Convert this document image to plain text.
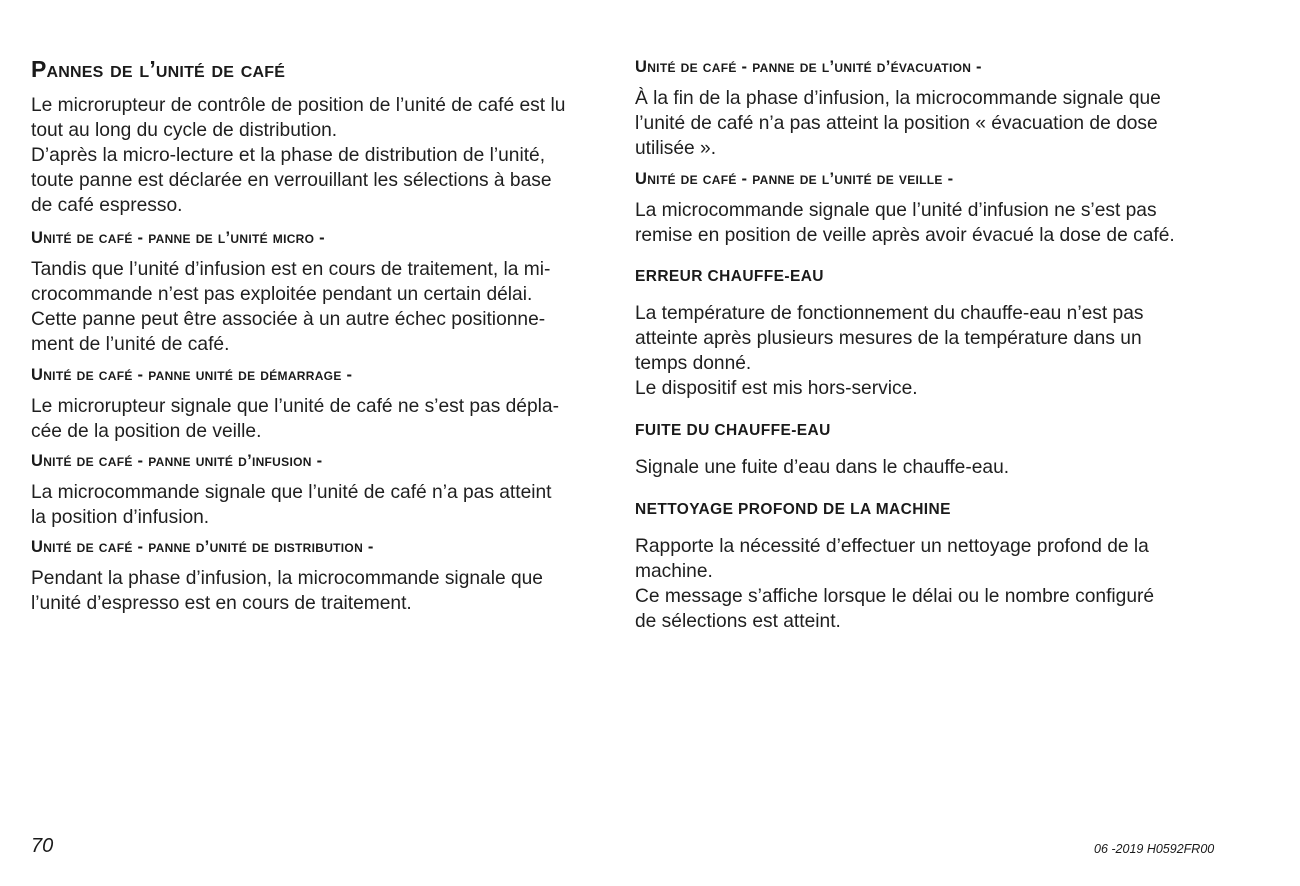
Pannes de l’unité de café

Le microrupteur de contrôle de position de l’unité de café est lu
tout au long du cycle de distribution.
D’après la micro-lecture et la phase de distribution de l’unité,
toute panne est déclarée en verrouillant les sélections à base
de café espresso.

Unité de café - panne de l’unité micro -

Tandis que l’unité d’infusion est en cours de traitement, la mi-
crocommande n’est pas exploitée pendant un certain délai.
Cette panne peut être associée à un autre échec positionne-
ment de l’unité de café.

Unité de café - panne unité de démarrage -

Le microrupteur signale que l’unité de café ne s’est pas dépla-
cée de la position de veille.

Unité de café - panne unité d’infusion -

La microcommande signale que l’unité de café n’a pas atteint
la position d’infusion.

Unité de café - panne d’unité de distribution -

Pendant la phase d’infusion, la microcommande signale que
l’unité d’espresso est en cours de traitement.

Unité de café - panne de l’unité d’évacuation -

À la fin de la phase d’infusion, la microcommande signale que
l’unité de café n’a pas atteint la position « évacuation de dose
utilisée ».

Unité de café - panne de l’unité de veille -

La microcommande signale que l’unité d’infusion ne s’est pas
remise en position de veille après avoir évacué la dose de café.

ERREUR CHAUFFE-EAU

La température de fonctionnement du chauffe-eau n’est pas
atteinte après plusieurs mesures de la température dans un
temps donné.
Le dispositif est mis hors-service.

FUITE DU CHAUFFE-EAU

Signale une fuite d’eau dans le chauffe-eau.

NETTOYAGE PROFOND DE LA MACHINE

Rapporte la nécessité d’effectuer un nettoyage profond de la
machine.
Ce message s’affiche lorsque le délai ou le nombre configuré
de sélections est atteint.

70	06 -2019 H0592FR00
